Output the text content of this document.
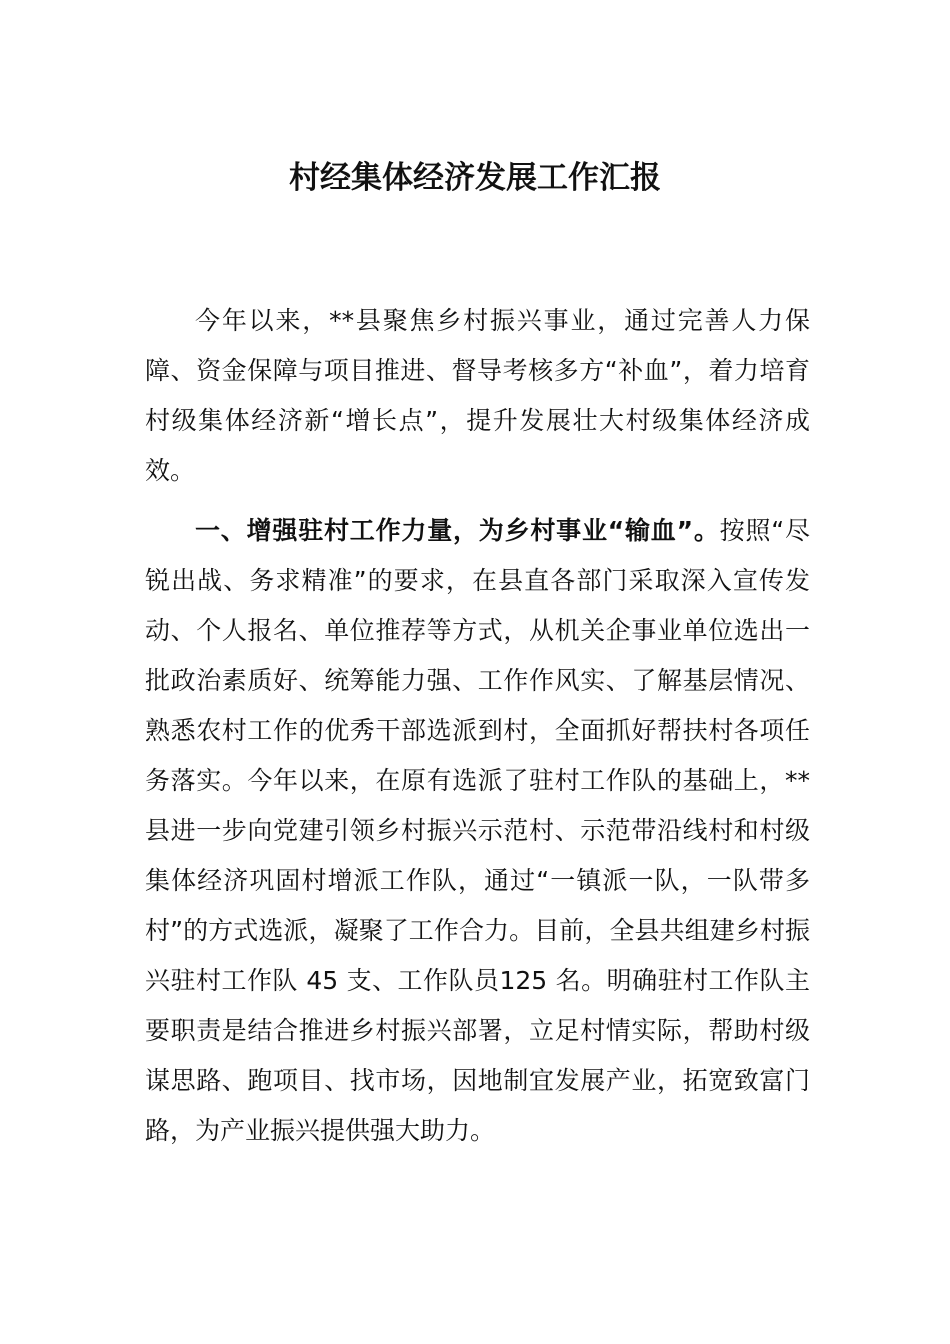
村经集体经济发展工作汇报

今年以来，**县聚焦乡村振兴事业，通过完善人力保障、资金保障与项目推进、督导考核多方“补血”，着力培育村级集体经济新“增长点”，提升发展壮大村级集体经济成效。

一、增强驻村工作力量，为乡村事业“输血”。按照“尽锐出战、务求精准”的要求，在县直各部门采取深入宣传发动、个人报名、单位推荐等方式，从机关企事业单位选出一批政治素质好、统筹能力强、工作作风实、了解基层情况、熟悉农村工作的优秀干部选派到村，全面抓好帮扶村各项任务落实。今年以来，在原有选派了驻村工作队的基础上，**县进一步向党建引领乡村振兴示范村、示范带沿线村和村级集体经济巩固村增派工作队，通过“一镇派一队，一队带多村”的方式选派，凝聚了工作合力。目前，全县共组建乡村振兴驻村工作队 45 支、工作队员125 名。明确驻村工作队主要职责是结合推进乡村振兴部署，立足村情实际，帮助村级谋思路、跑项目、找市场，因地制宜发展产业，拓宽致富门路，为产业振兴提供强大助力。
